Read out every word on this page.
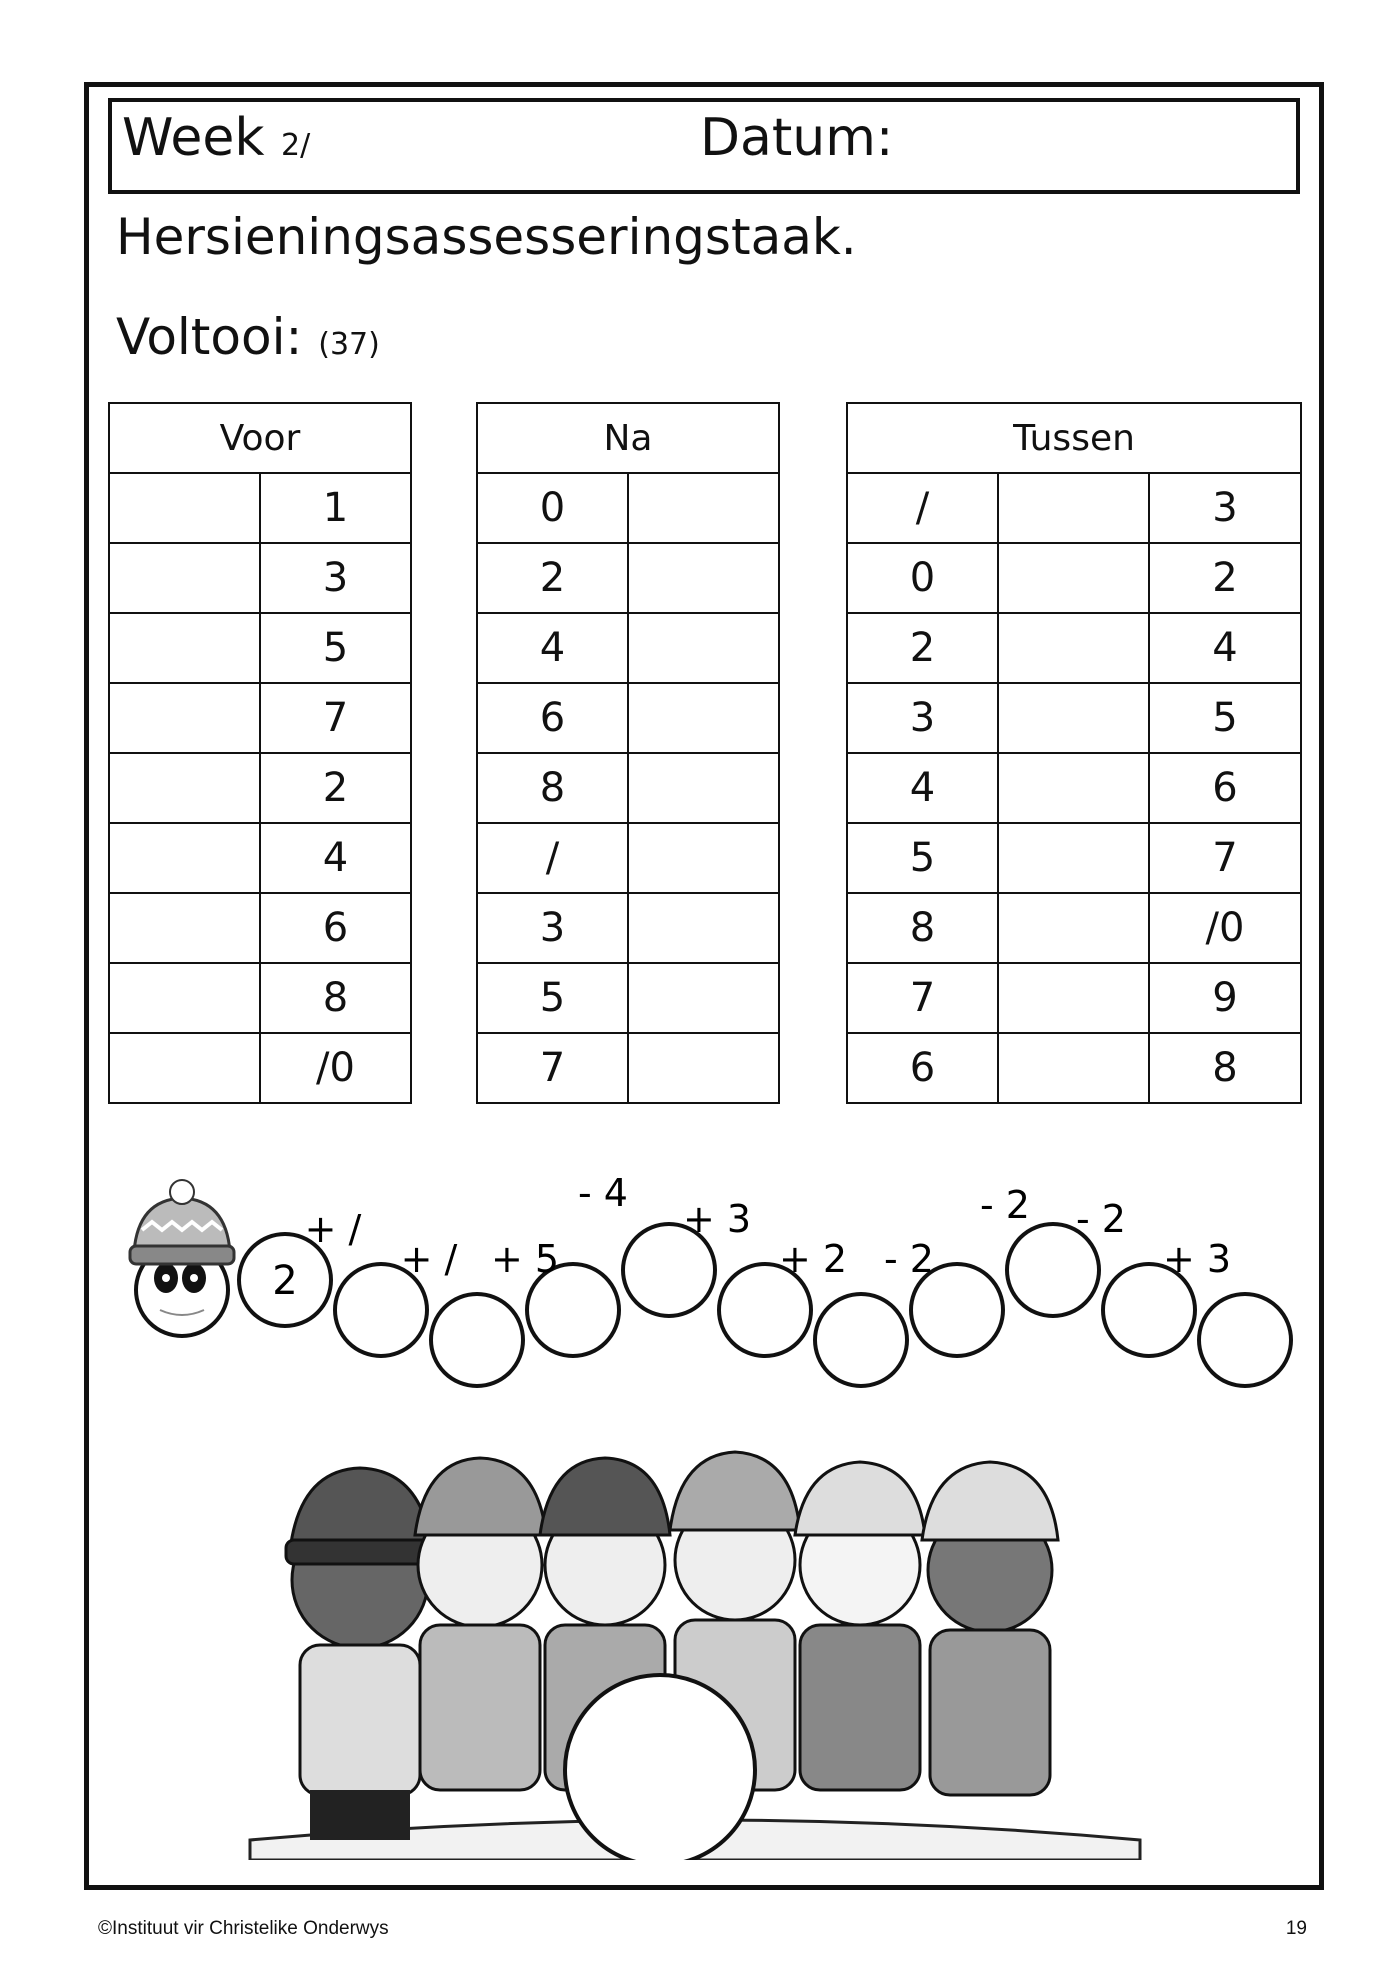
Week 2/	Datum:
Hersieningsassesseringstaak.
Voltooi: (37)
Voor	
	1
	3
	5
	7
	2
	4
	6
	8
	/0
Na	
0	
2	
4	
6	
8	
/	
3	
5	
7	
Tussen		
/		3
0		2
2		4
3		5
4		6
5		7
8		/0
7		9
6		8
2
+ /
+ / + 5
- 4
+ 3
+ 2 - 2
- 2 - 2
+ 3
©Instituut vir Christelike Onderwys	19
